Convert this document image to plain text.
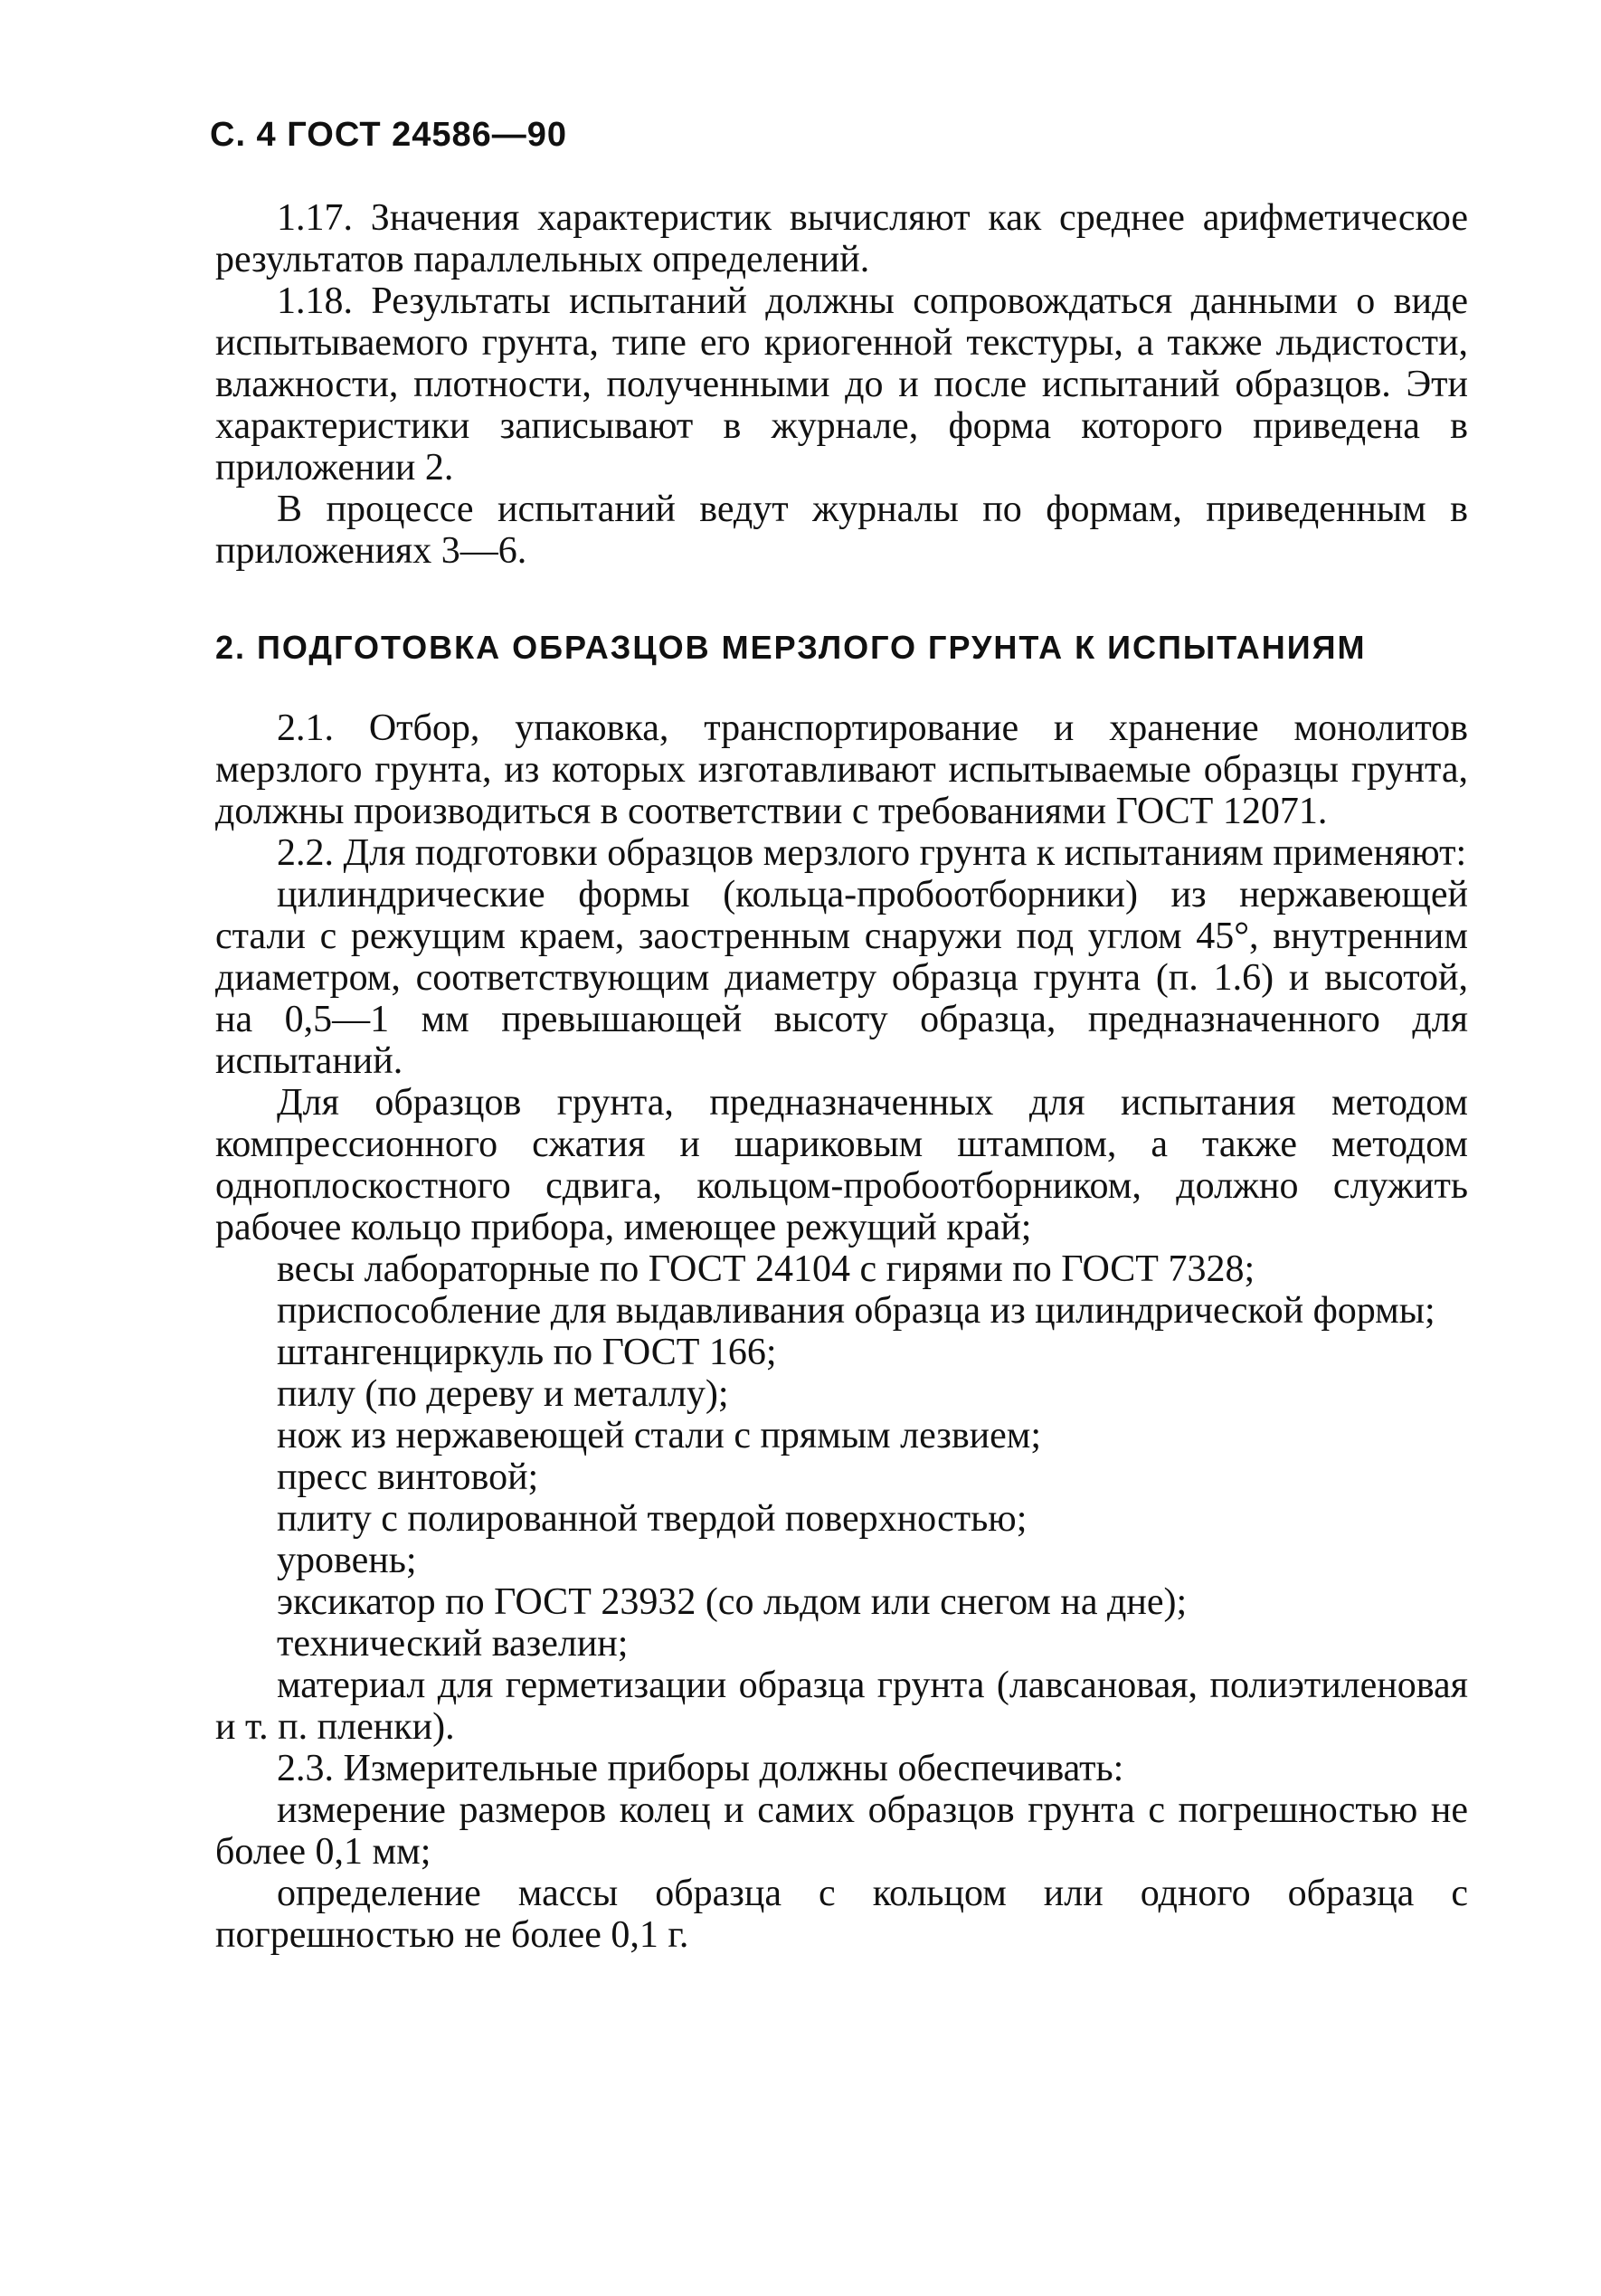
С. 4 ГОСТ 24586—90

1.17. Значения характеристик вычисляют как среднее арифметическое результатов параллельных определений.

1.18. Результаты испытаний должны сопровождаться данными о виде испытываемого грунта, типе его криогенной текстуры, а также льдистости, влажности, плотности, полученными до и после испытаний образцов. Эти характеристики записывают в журнале, форма которого приведена в приложении 2.

В процессе испытаний ведут журналы по формам, приведенным в приложениях 3—6.

2. ПОДГОТОВКА ОБРАЗЦОВ МЕРЗЛОГО ГРУНТА К ИСПЫТАНИЯМ

2.1. Отбор, упаковка, транспортирование и хранение монолитов мерзлого грунта, из которых изготавливают испытываемые образцы грунта, должны производиться в соответствии с требованиями ГОСТ 12071.

2.2. Для подготовки образцов мерзлого грунта к испытаниям применяют:

цилиндрические формы (кольца-пробоотборники) из нержавеющей стали с режущим краем, заостренным снаружи под углом 45°, внутренним диаметром, соответствующим диаметру образца грунта (п. 1.6) и высотой, на 0,5—1 мм превышающей высоту образца, предназначенного для испытаний.

Для образцов грунта, предназначенных для испытания методом компрессионного сжатия и шариковым штампом, а также методом одноплоскостного сдвига, кольцом-пробоотборником, должно служить рабочее кольцо прибора, имеющее режущий край;

весы лабораторные по ГОСТ 24104 с гирями по ГОСТ 7328;

приспособление для выдавливания образца из цилиндрической формы;

штангенциркуль по ГОСТ 166;

пилу (по дереву и металлу);

нож из нержавеющей стали с прямым лезвием;

пресс винтовой;

плиту с полированной твердой поверхностью;

уровень;

эксикатор по ГОСТ 23932 (со льдом или снегом на дне);

технический вазелин;

материал для герметизации образца грунта (лавсановая, полиэтиленовая и т. п. пленки).

2.3. Измерительные приборы должны обеспечивать:

измерение размеров колец и самих образцов грунта с погрешностью не более 0,1 мм;

определение массы образца с кольцом или одного образца с погрешностью не более 0,1 г.
